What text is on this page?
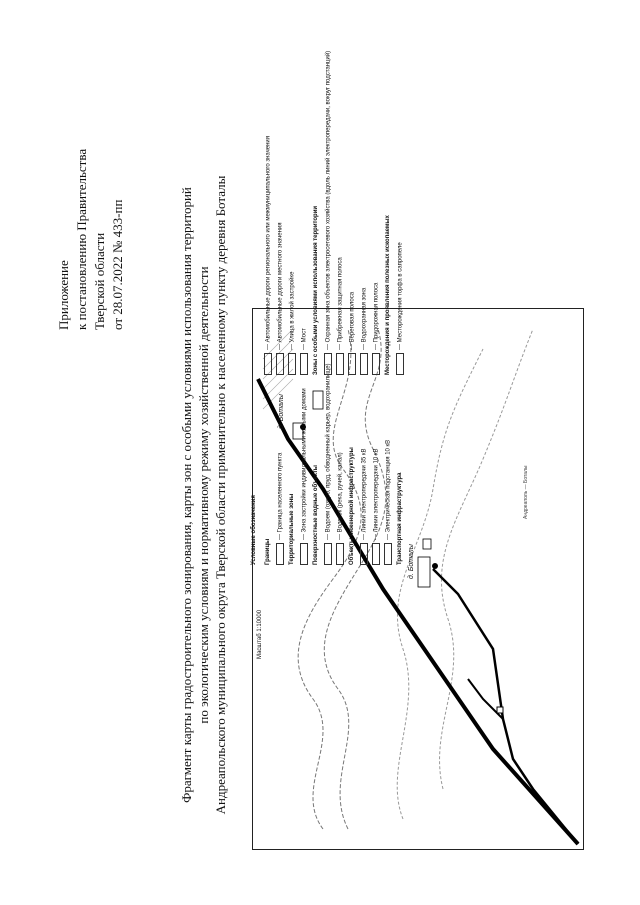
Приложение к постановлению Правительства Тверской области от 28.07.2022 № 433-пп	Фрагмент карты градостроительного зонирования, карты зон с особыми условиями использования территорий по экологическим условиям и нормативному режиму хозяйственной деятельности Андреапольского муниципального округа Тверской области применительно к населенному пункту деревня Боталы	Масштаб 1:10000
д. Боталы
д. Боталы
Андреаполь — Боталы
Условные обозначения Границы
— Граница населенного пункта Территориальные зоны — Зона застройки индивидуальными жилыми домами Поверхностные водные объекты — Водоем (озеро, пруд, обводненный карьер, водохранилище) — Водоток (река, ручей, канал) Объекты инженерной инфраструктуры — Линии электропередачи 35 кВ — Линии электропередачи 10 кВ — Электрическая подстанция 10 кВ Транспортная инфраструктура
— Автомобильные дороги регионального или межмуниципального значения — Автомобильные дороги местного значения — Улица в жилой застройке — Мост Зоны с особыми условиями использования территории — Охранная зона объектов электросетевого хозяйства (вдоль линий электропередачи, вокруг подстанций) — Прибрежная защитная полоса — Береговая полоса — Водоохранная зона — Придорожная полоса Месторождения и проявления полезных ископаемых — Месторождения торфа в сапропеле
